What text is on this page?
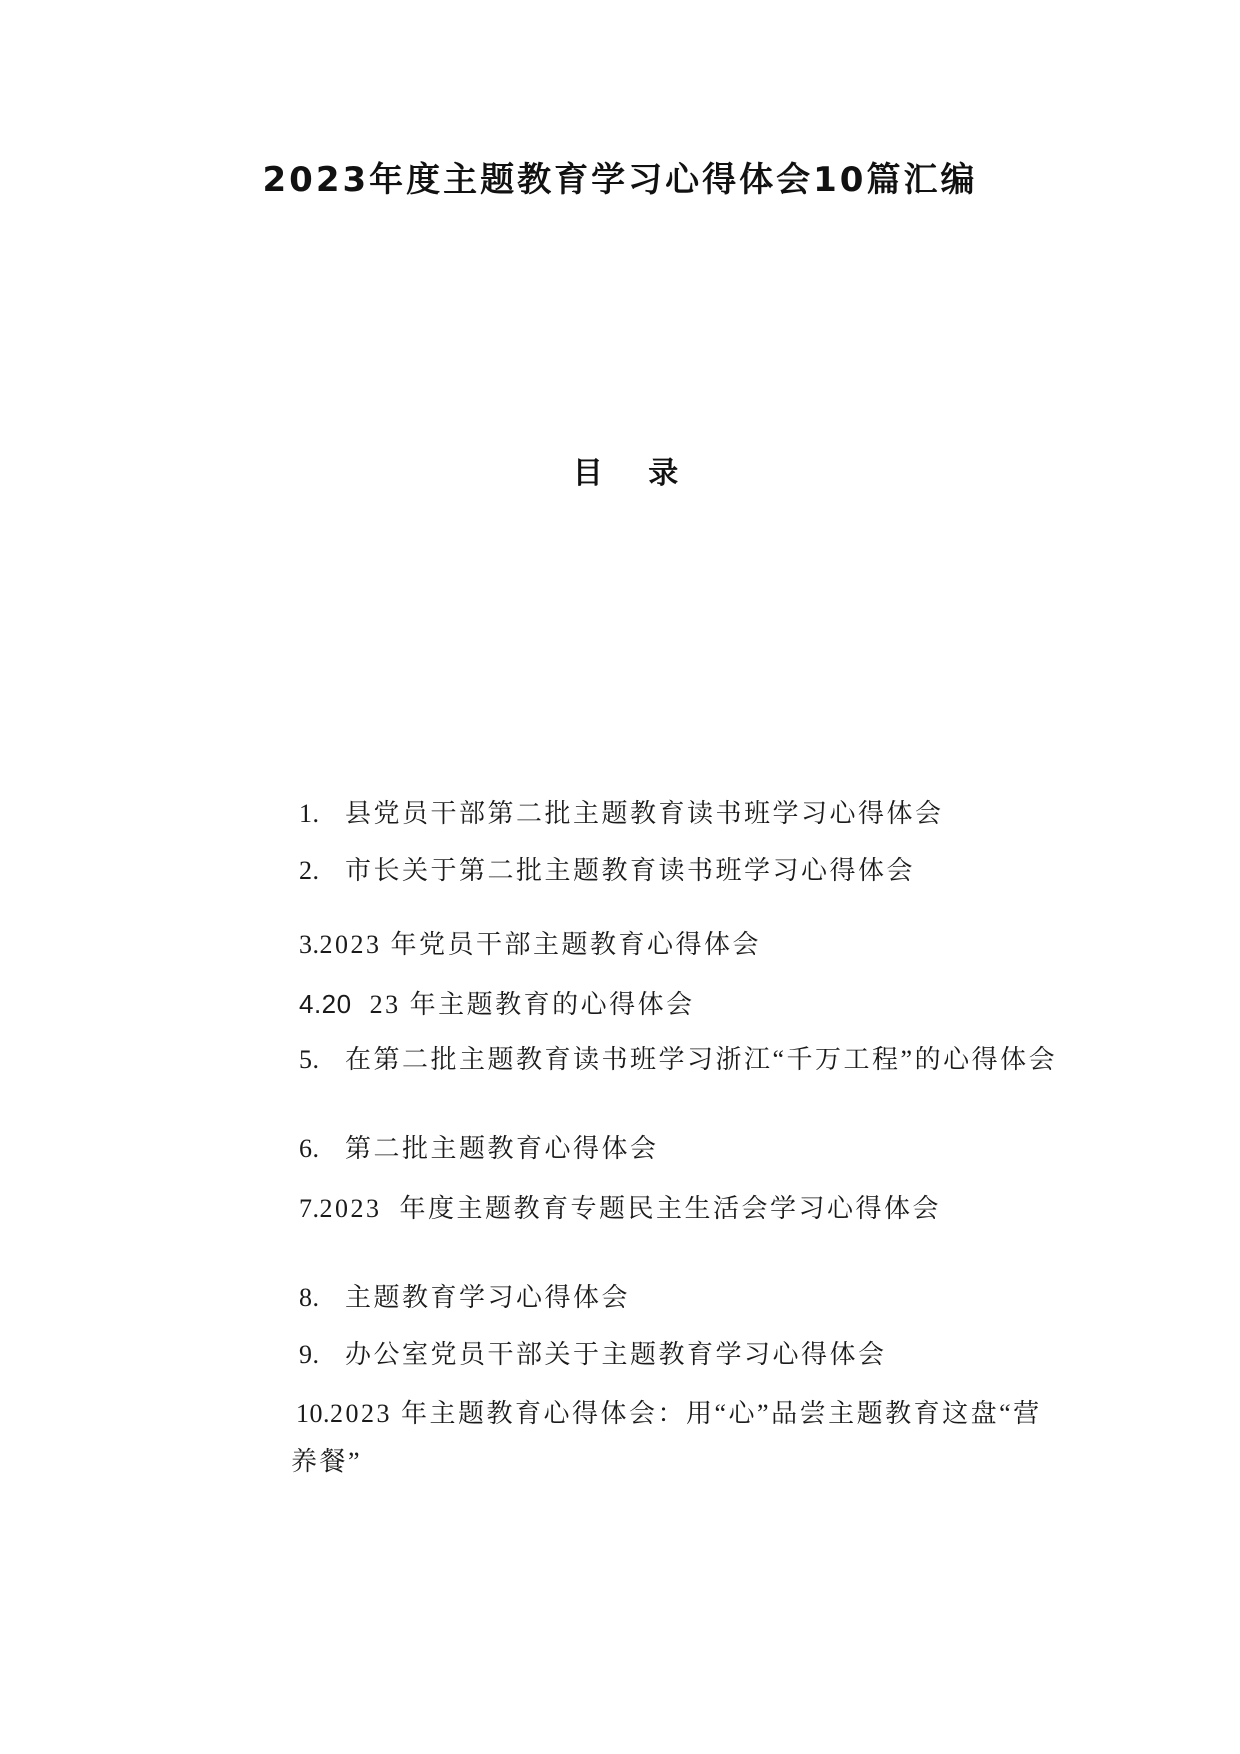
2023年度主题教育学习心得体会10篇汇编
目 录

1. 县党员干部第二批主题教育读书班学习心得体会

2. 市长关于第二批主题教育读书班学习心得体会

3.2023 年党员干部主题教育心得体会

4.20  23 年主题教育的心得体会

5. 在第二批主题教育读书班学习浙江“千万工程”的心得体会

6. 第二批主题教育心得体会

7.2023  年度主题教育专题民主生活会学习心得体会

8. 主题教育学习心得体会

9. 办公室党员干部关于主题教育学习心得体会

10.2023 年主题教育心得体会：用“心”品尝主题教育这盘“营

养餐”
